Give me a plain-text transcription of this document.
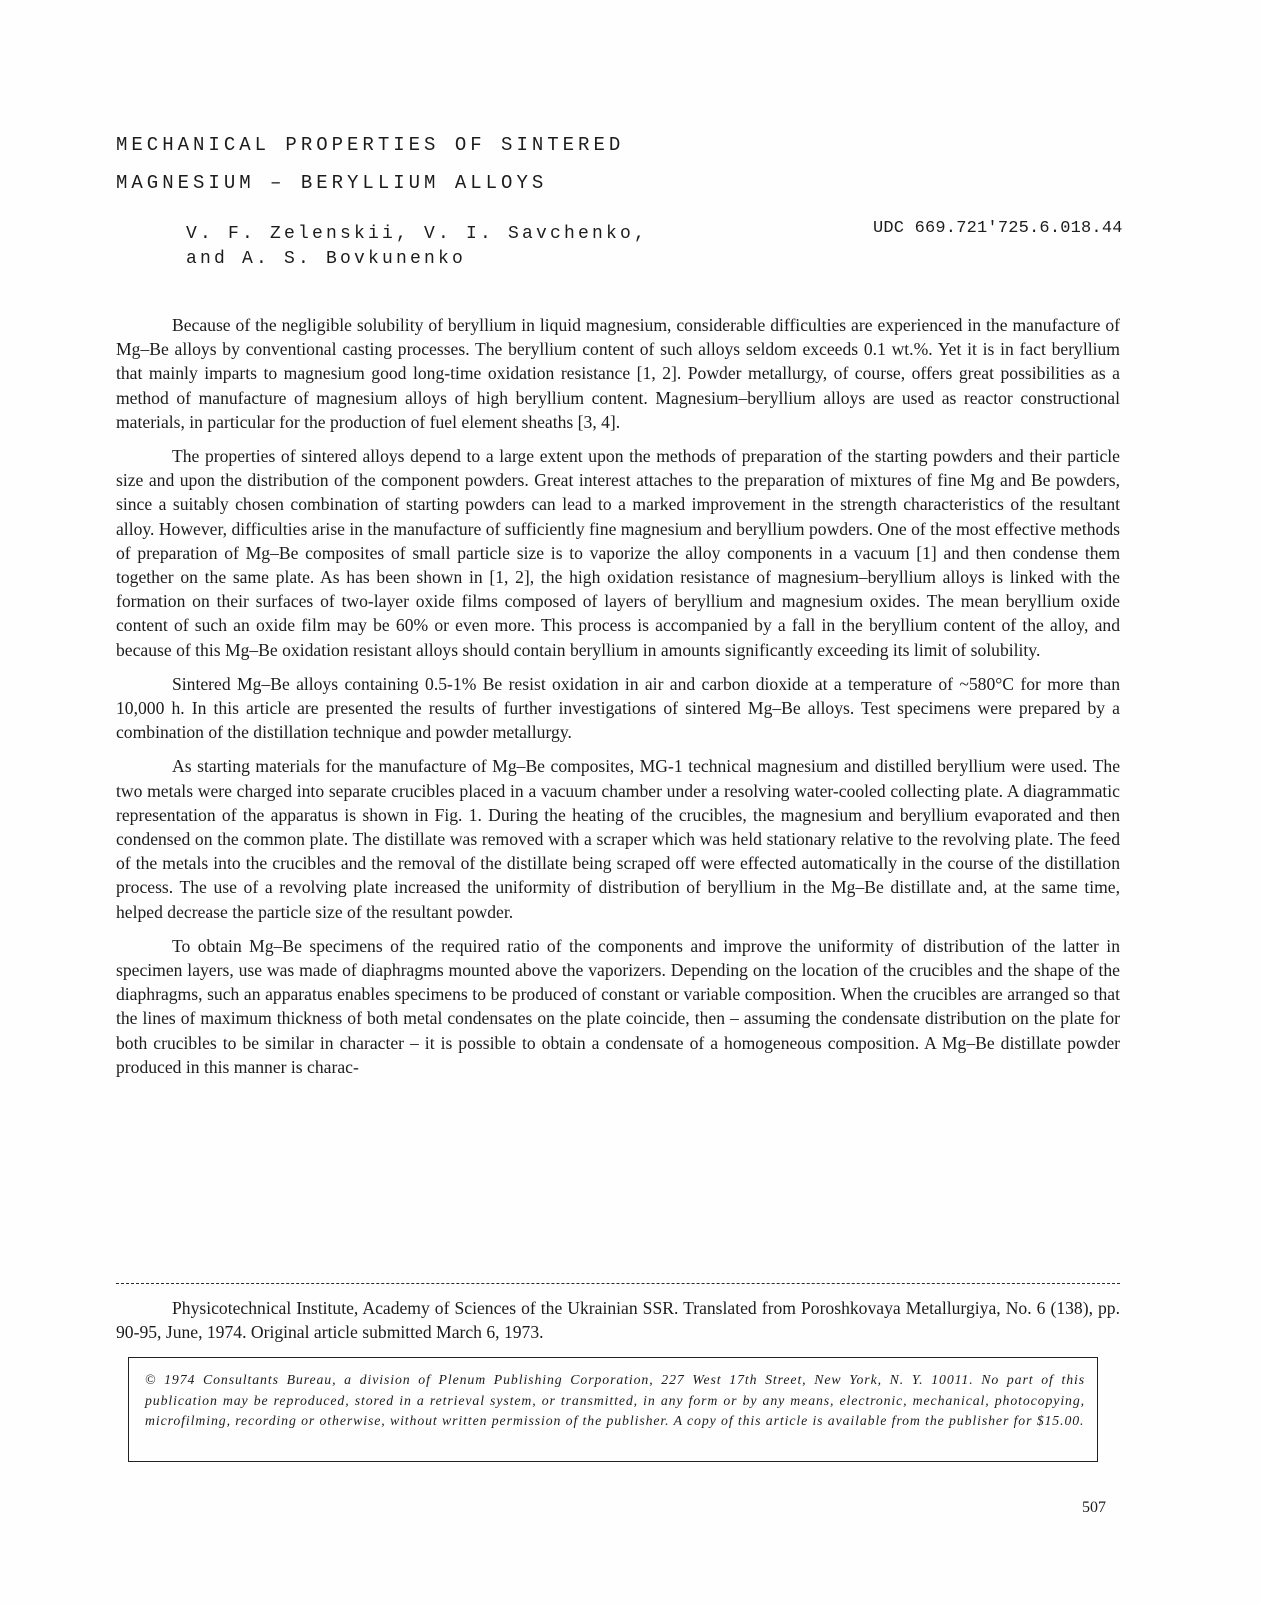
MECHANICAL PROPERTIES OF SINTERED
MAGNESIUM – BERYLLIUM ALLOYS
V. F. Zelenskii, V. I. Savchenko,
and A. S. Bovkunenko
UDC 669.721'725.6.018.44

Because of the negligible solubility of beryllium in liquid magnesium, considerable difficulties are experienced in the manufacture of Mg–Be alloys by conventional casting processes. The beryllium content of such alloys seldom exceeds 0.1 wt.%. Yet it is in fact beryllium that mainly imparts to magnesium good long-time oxidation resistance [1, 2]. Powder metallurgy, of course, offers great possibilities as a method of manufacture of magnesium alloys of high beryllium content. Magnesium–beryllium alloys are used as reactor constructional materials, in particular for the production of fuel element sheaths [3, 4].

The properties of sintered alloys depend to a large extent upon the methods of preparation of the starting powders and their particle size and upon the distribution of the component powders. Great interest attaches to the preparation of mixtures of fine Mg and Be powders, since a suitably chosen combination of starting powders can lead to a marked improvement in the strength characteristics of the resultant alloy. However, difficulties arise in the manufacture of sufficiently fine magnesium and beryllium powders. One of the most effective methods of preparation of Mg–Be composites of small particle size is to vaporize the alloy components in a vacuum [1] and then condense them together on the same plate. As has been shown in [1, 2], the high oxidation resistance of magnesium–beryllium alloys is linked with the formation on their surfaces of two-layer oxide films composed of layers of beryllium and magnesium oxides. The mean beryllium oxide content of such an oxide film may be 60% or even more. This process is accompanied by a fall in the beryllium content of the alloy, and because of this Mg–Be oxidation resistant alloys should contain beryllium in amounts significantly exceeding its limit of solubility.

Sintered Mg–Be alloys containing 0.5-1% Be resist oxidation in air and carbon dioxide at a temperature of ~580°C for more than 10,000 h. In this article are presented the results of further investigations of sintered Mg–Be alloys. Test specimens were prepared by a combination of the distillation technique and powder metallurgy.

As starting materials for the manufacture of Mg–Be composites, MG-1 technical magnesium and distilled beryllium were used. The two metals were charged into separate crucibles placed in a vacuum chamber under a resolving water-cooled collecting plate. A diagrammatic representation of the apparatus is shown in Fig. 1. During the heating of the crucibles, the magnesium and beryllium evaporated and then condensed on the common plate. The distillate was removed with a scraper which was held stationary relative to the revolving plate. The feed of the metals into the crucibles and the removal of the distillate being scraped off were effected automatically in the course of the distillation process. The use of a revolving plate increased the uniformity of distribution of beryllium in the Mg–Be distillate and, at the same time, helped decrease the particle size of the resultant powder.

To obtain Mg–Be specimens of the required ratio of the components and improve the uniformity of distribution of the latter in specimen layers, use was made of diaphragms mounted above the vaporizers. Depending on the location of the crucibles and the shape of the diaphragms, such an apparatus enables specimens to be produced of constant or variable composition. When the crucibles are arranged so that the lines of maximum thickness of both metal condensates on the plate coincide, then – assuming the condensate distribution on the plate for both crucibles to be similar in character – it is possible to obtain a condensate of a homogeneous composition. A Mg–Be distillate powder produced in this manner is charac-

Physicotechnical Institute, Academy of Sciences of the Ukrainian SSR. Translated from Poroshkovaya Metallurgiya, No. 6 (138), pp. 90-95, June, 1974. Original article submitted March 6, 1973.

© 1974 Consultants Bureau, a division of Plenum Publishing Corporation, 227 West 17th Street, New York, N. Y. 10011. No part of this publication may be reproduced, stored in a retrieval system, or transmitted, in any form or by any means, electronic, mechanical, photocopying, microfilming, recording or otherwise, without written permission of the publisher. A copy of this article is available from the publisher for $15.00.

507
